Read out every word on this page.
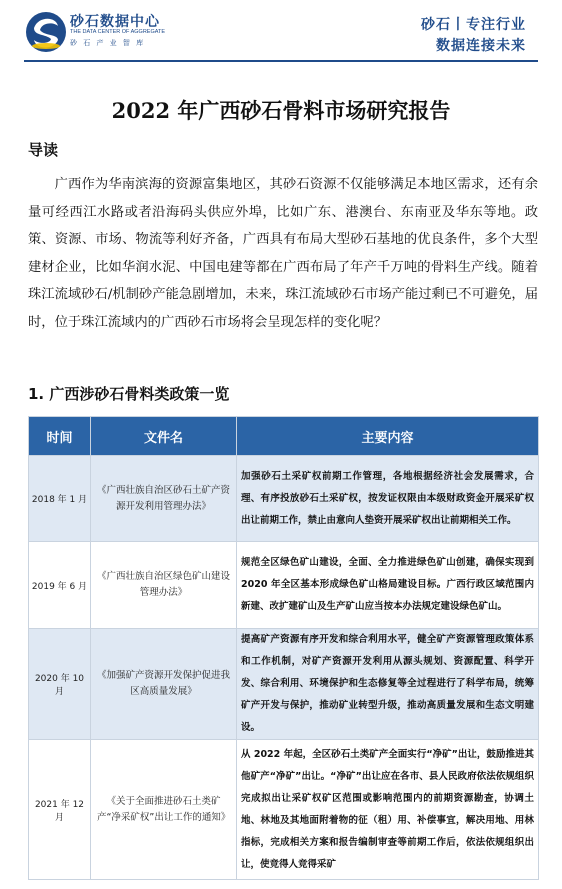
砂石数据中心
THE DATA CENTER OF AGGREGATE
砂 石 产 业 智 库
砂石丨专注行业
数据连接未来
2022 年广西砂石骨料市场研究报告
导读

广西作为华南滨海的资源富集地区，其砂石资源不仅能够满足本地区需求，还有余量可经西江水路或者沿海码头供应外埠，比如广东、港澳台、东南亚及华东等地。政策、资源、市场、物流等利好齐备，广西具有布局大型砂石基地的优良条件，多个大型建材企业，比如华润水泥、中国电建等都在广西布局了年产千万吨的骨料生产线。随着珠江流域砂石/机制砂产能急剧增加，未来，珠江流域砂石市场产能过剩已不可避免，届时，位于珠江流域内的广西砂石市场将会呈现怎样的变化呢？

1. 广西涉砂石骨料类政策一览
时间	文件名	主要内容
2018 年 1 月	《广西壮族自治区砂石土矿产资源开发利用管理办法》	加强砂石土采矿权前期工作管理，各地根据经济社会发展需求，合理、有序投放砂石土采矿权，按发证权限由本级财政资金开展采矿权出让前期工作，禁止由意向人垫资开展采矿权出让前期相关工作。
2019 年 6 月	《广西壮族自治区绿色矿山建设管理办法》	规范全区绿色矿山建设，全面、全力推进绿色矿山创建，确保实现到 2020 年全区基本形成绿色矿山格局建设目标。广西行政区域范围内新建、改扩建矿山及生产矿山应当按本办法规定建设绿色矿山。
2020 年 10 月	《加强矿产资源开发保护促进我区高质量发展》	提高矿产资源有序开发和综合利用水平，健全矿产资源管理政策体系和工作机制，对矿产资源开发利用从源头规划、资源配置、科学开发、综合利用、环境保护和生态修复等全过程进行了科学布局，统筹矿产开发与保护，推动矿业转型升级，推动高质量发展和生态文明建设。
2021 年 12 月	《关于全面推进砂石土类矿产“净采矿权”出让工作的通知》	从 2022 年起，全区砂石土类矿产全面实行“净矿”出让，鼓励推进其他矿产“净矿”出让。“净矿”出让应在各市、县人民政府依法依规组织完成拟出让采矿权矿区范围或影响范围内的前期资源勘查，协调土地、林地及其地面附着物的征（租）用、补偿事宜，解决用地、用林指标，完成相关方案和报告编制审查等前期工作后，依法依规组织出让，使竞得人竞得采矿
